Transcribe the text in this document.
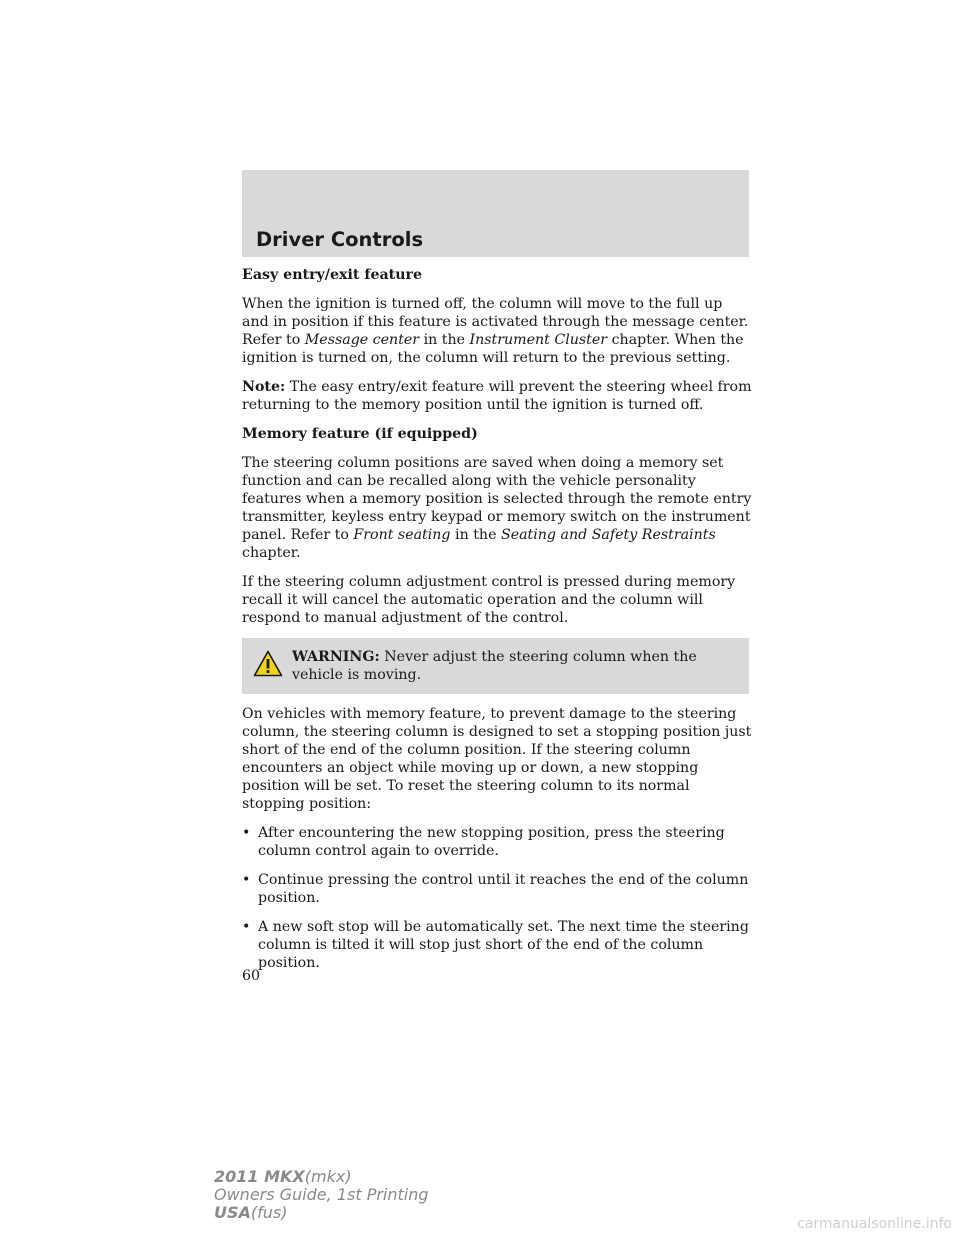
Driver Controls

Easy entry/exit feature

When the ignition is turned off, the column will move to the full up and in position if this feature is activated through the message center. Refer to Message center in the Instrument Cluster chapter. When the ignition is turned on, the column will return to the previous setting.

Note: The easy entry/exit feature will prevent the steering wheel from returning to the memory position until the ignition is turned off.

Memory feature (if equipped)

The steering column positions are saved when doing a memory set function and can be recalled along with the vehicle personality features when a memory position is selected through the remote entry transmitter, keyless entry keypad or memory switch on the instrument panel. Refer to Front seating in the Seating and Safety Restraints chapter.

If the steering column adjustment control is pressed during memory recall it will cancel the automatic operation and the column will respond to manual adjustment of the control.

WARNING: Never adjust the steering column when the vehicle is moving.

On vehicles with memory feature, to prevent damage to the steering column, the steering column is designed to set a stopping position just short of the end of the column position. If the steering column encounters an object while moving up or down, a new stopping position will be set. To reset the steering column to its normal stopping position:

• After encountering the new stopping position, press the steering column control again to override.
• Continue pressing the control until it reaches the end of the column position.
• A new soft stop will be automatically set. The next time the steering column is tilted it will stop just short of the end of the column position.
60
2011 MKX(mkx)
Owners Guide, 1st Printing
USA(fus)
carmanualsonline.info
